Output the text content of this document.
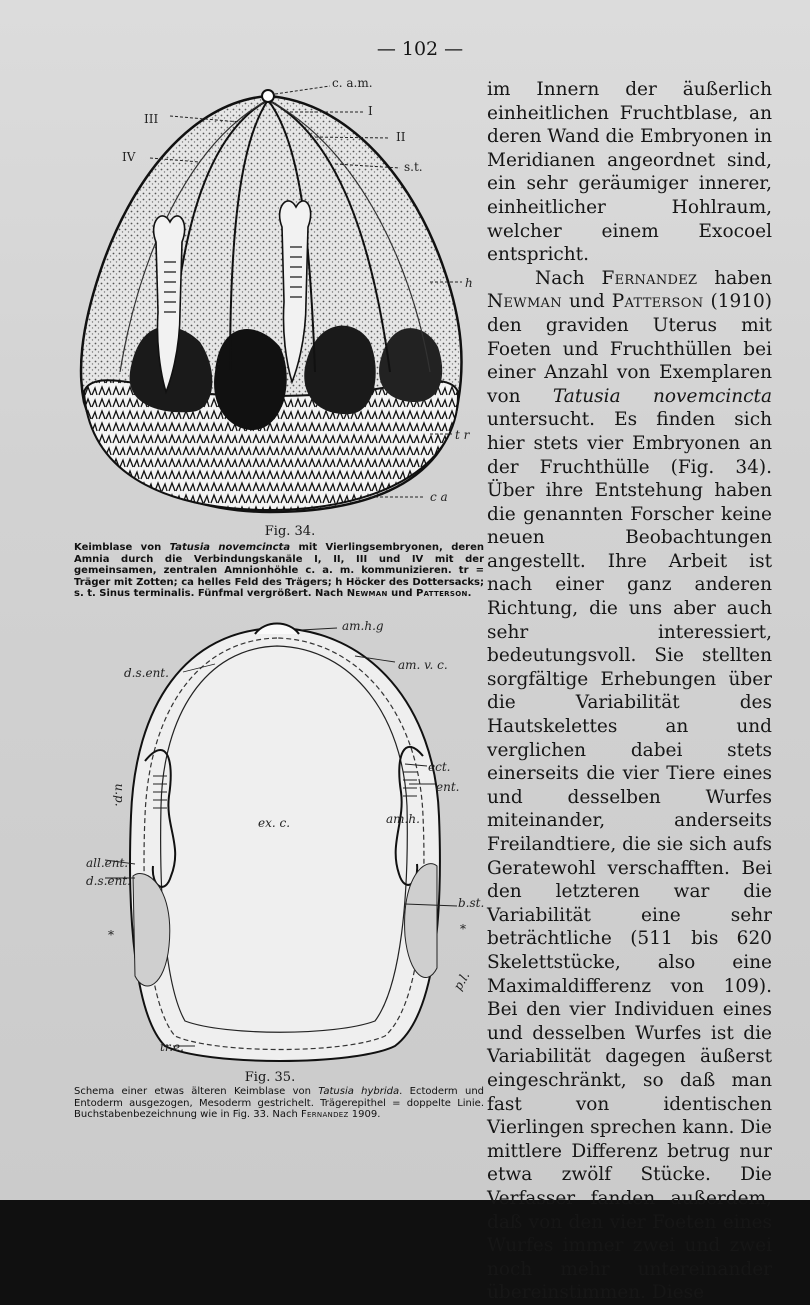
— 102 —
c. a.m.
I
III
II
IV
s.t.
h
t r
c a
Fig. 34.
Keimblase von Tatusia novemcincta mit Vierlingsembryonen, deren Amnia durch die Verbindungskanäle I, II, III und IV mit der gemeinsamen, zentralen Amnionhöhle c. a. m. kommunizieren. tr = Träger mit Zotten; ca helles Feld des Trägers; h Höcker des Dottersacks; s. t. Sinus terminalis. Fünfmal vergrößert. Nach Newman und Patterson.
am.h.g
am. v. c.
d.s.ent.
ect.
ent.
ex. c.	am.h.
u.p.
all.ent.
d.s.ent.
b.st.
*	*
p.l.
tr.e.
Fig. 35.
Schema einer etwas älteren Keimblase von Tatusia hybrida. Ectoderm und Entoderm ausgezogen, Mesoderm gestrichelt. Trägerepithel = doppelte Linie. Buchstabenbezeichnung wie in Fig. 33. Nach Fernandez 1909.

im Innern der äußerlich einheitlichen Fruchtblase, an deren Wand die Embryonen in Meridianen angeordnet sind, ein sehr geräumiger innerer, einheitlicher Hohlraum, welcher einem Exocoel entspricht.

Nach Fernandez haben Newman und Patterson (1910) den graviden Uterus mit Foeten und Fruchthüllen bei einer Anzahl von Exemplaren von Tatusia novemcincta untersucht. Es finden sich hier stets vier Embryonen an der Fruchthülle (Fig. 34). Über ihre Entstehung haben die genannten Forscher keine neuen Beobachtungen angestellt. Ihre Arbeit ist nach einer ganz anderen Richtung, die uns aber auch sehr interessiert, bedeutungsvoll. Sie stellten sorgfältige Erhebungen über die Variabilität des Hautskelettes an und verglichen dabei stets einerseits die vier Tiere eines und desselben Wurfes miteinander, anderseits Freilandtiere, die sie sich aufs Geratewohl verschafften. Bei den letzteren war die Variabilität eine sehr beträchtliche (511 bis 620 Skelettstücke, also eine Maximaldifferenz von 109). Bei den vier Individuen eines und desselben Wurfes ist die Variabilität dagegen äußerst eingeschränkt, so daß man fast von identischen Vierlingen sprechen kann. Die mittlere Differenz betrug nur etwa zwölf Stücke. Die Verfasser fanden außerdem, daß von den vier Foeten eines Wurfes immer zwei und zwei noch mehr untereinander übereinstimmen. Diese
